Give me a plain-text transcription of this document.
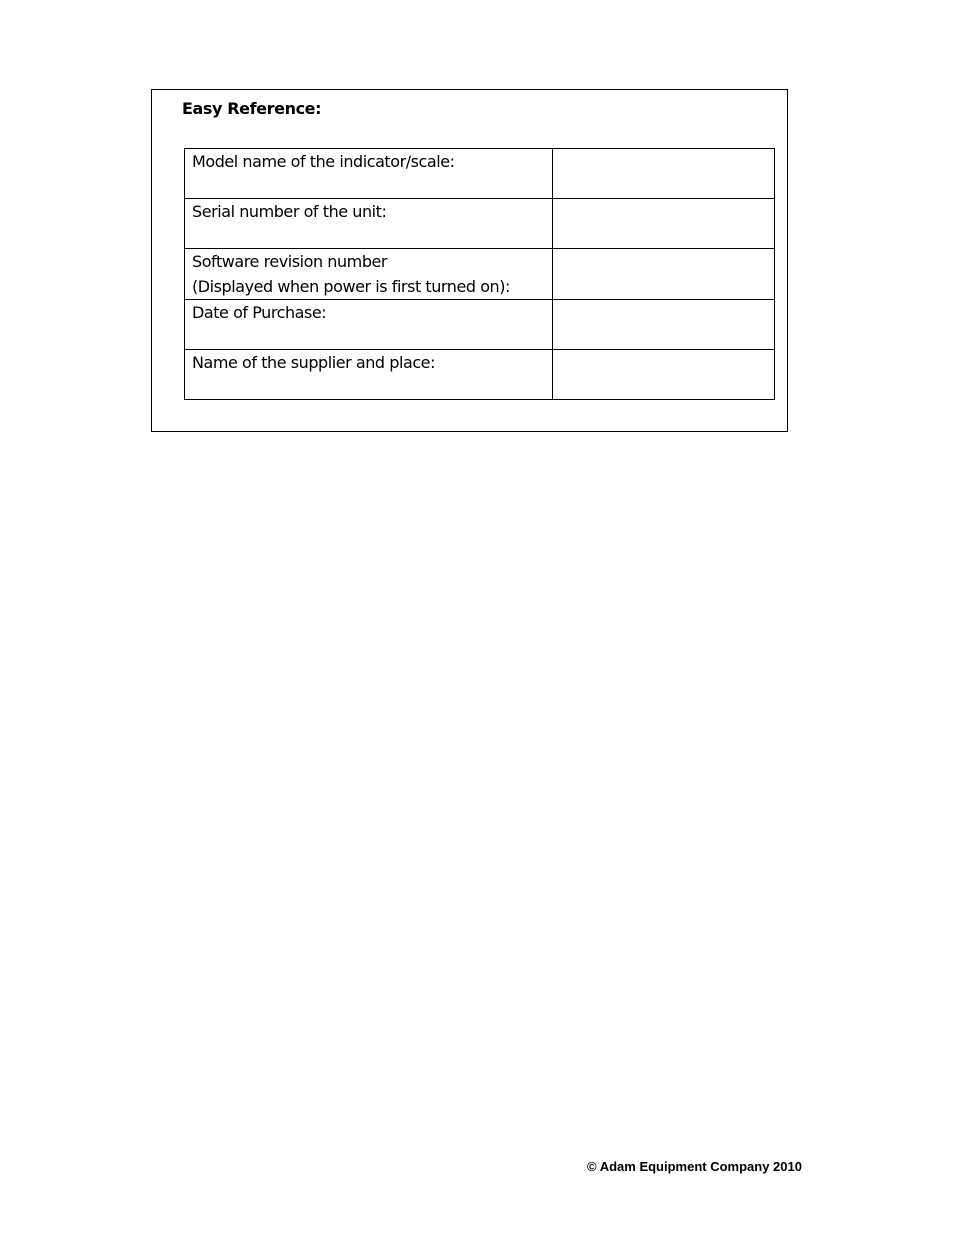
Easy Reference:

Model name of the indicator/scale:	

Serial number of the unit:	

Software revision number
(Displayed when power is first turned on):	

Date of Purchase:	

Name of the supplier and place:	

© Adam Equipment Company 2010
